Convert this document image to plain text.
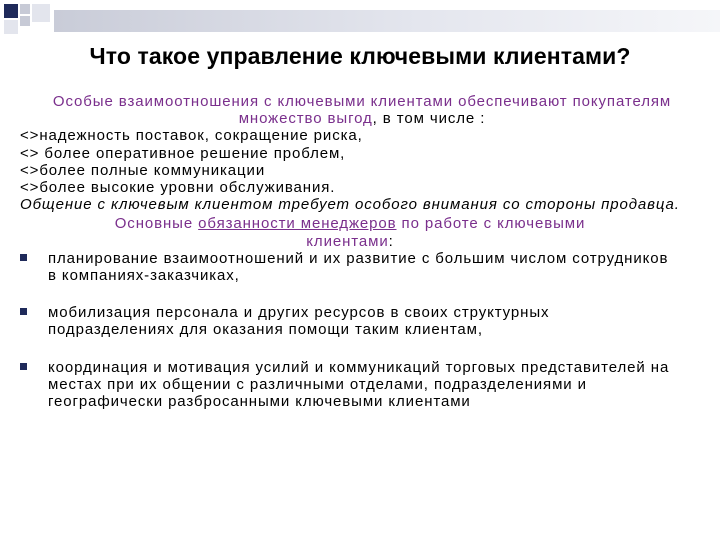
Что такое управление ключевыми клиентами?
Особые взаимоотношения с ключевыми клиентами обеспечивают покупателям множество выгод, в том числе :
<>надежность поставок, сокращение риска,
<> более оперативное решение проблем,
<>более полные коммуникации
<>более высокие уровни обслуживания.
Общение с ключевым клиентом требует особого внимания со стороны продавца.
Основные обязанности менеджеров по работе с ключевыми клиентами:
планирование взаимоотношений и их развитие с большим числом сотрудников в компаниях-заказчиках,
мобилизация персонала и других ресурсов в своих структурных подразделениях для оказания помощи таким клиентам,
координация и мотивация усилий и коммуникаций торговых представителей на местах при их общении с различными отделами, подразделениями и географически разбросанными ключевыми клиентами
